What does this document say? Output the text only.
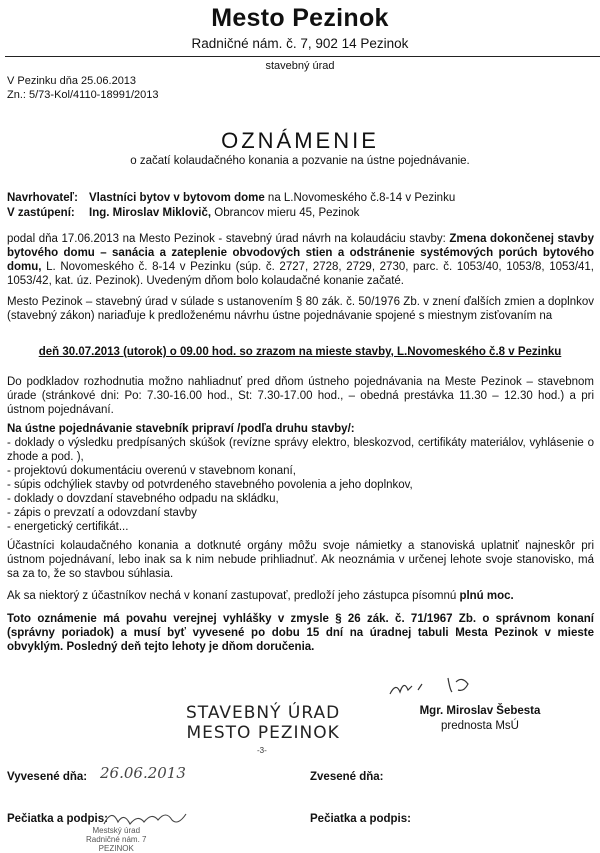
Mesto Pezinok
Radničné nám. č. 7, 902 14 Pezinok
stavebný úrad
V Pezinku dňa 25.06.2013
Zn.: 5/73-Kol/4110-18991/2013
OZNÁMENIE
o začatí kolaudačného konania a pozvanie na ústne pojednávanie.
Navrhovateľ: Vlastníci bytov v bytovom dome na L.Novomeského č.8-14 v Pezinku
V zastúpení: Ing. Miroslav Miklovič, Obrancov mieru 45, Pezinok
podal dňa 17.06.2013 na Mesto Pezinok - stavebný úrad návrh na kolaudáciu stavby: Zmena dokončenej stavby bytového domu – sanácia a zateplenie obvodových stien a odstránenie systémových porúch bytového domu, L. Novomeského č. 8-14 v Pezinku (súp. č. 2727, 2728, 2729, 2730, parc. č. 1053/40, 1053/8, 1053/41, 1053/42, kat. úz. Pezinok). Uvedeným dňom bolo kolaudačné konanie začaté.
Mesto Pezinok – stavebný úrad v súlade s ustanovením § 80 zák. č. 50/1976 Zb. v znení ďalších zmien a doplnkov (stavebný zákon) nariaďuje k predloženému návrhu ústne pojednávanie spojené s miestnym zisťovaním na
deň 30.07.2013 (utorok) o 09.00 hod. so zrazom na mieste stavby, L.Novomeského č.8 v Pezinku
Do podkladov rozhodnutia možno nahliadnuť pred dňom ústneho pojednávania na Meste Pezinok – stavebnom úrade (stránkové dni: Po: 7.30-16.00 hod., St: 7.30-17.00 hod., – obedná prestávka 11.30 – 12.30 hod.) a pri ústnom pojednávaní.
Na ústne pojednávanie stavebník pripraví /podľa druhu stavby/:
- doklady o výsledku predpísaných skúšok (revízne správy elektro, bleskozvod, certifikáty materiálov, vyhlásenie o zhode a pod. ),
- projektovú dokumentáciu overenú v stavebnom konaní,
- súpis odchýliek stavby od potvrdeného stavebného povolenia a jeho doplnkov,
- doklady o dovzdaní stavebného odpadu na skládku,
- zápis o prevzatí a odovzdaní stavby
- energetický certifikát...
Účastníci kolaudačného konania a dotknuté orgány môžu svoje námietky a stanoviská uplatniť najneskôr pri ústnom pojednávaní, lebo inak sa k nim nebude prihliadnuť. Ak neoznámia v určenej lehote svoje stanovisko, má sa za to, že so stavbou súhlasia.
Ak sa niektorý z účastníkov nechá v konaní zastupovať, predloží jeho zástupca písomnú plnú moc.
Toto oznámenie má povahu verejnej vyhlášky v zmysle § 26 zák. č. 71/1967 Zb. o správnom konaní (správny poriadok) a musí byť vyvesené po dobu 15 dní na úradnej tabuli Mesta Pezinok v mieste obvyklým. Posledný deň tejto lehoty je dňom doručenia.
STAVEBNÝ ÚRAD
MESTO PEZINOK
-3-
Mgr. Miroslav Šebesta
prednosta MsÚ
Vyvesené dňa: 26.06.2013	Zvesené dňa:
Pečiatka a podpis:	Pečiatka a podpis:
Mestský úrad
Radničné nám. 7
PEZINOK
